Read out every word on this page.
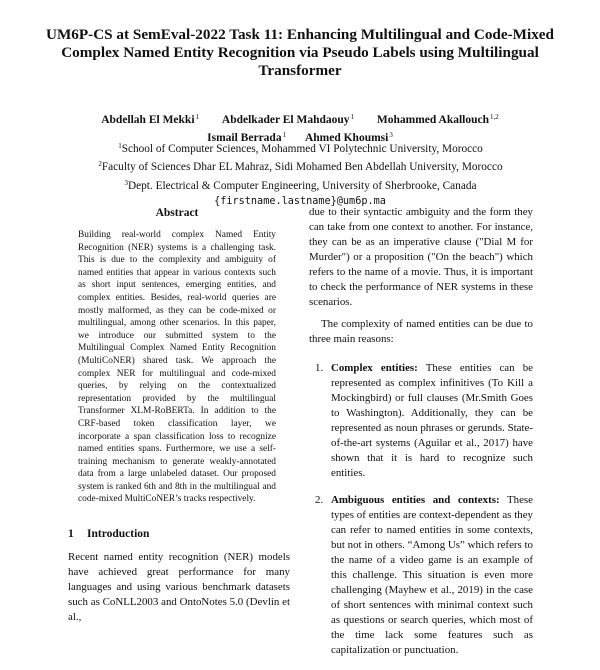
UM6P-CS at SemEval-2022 Task 11: Enhancing Multilingual and Code-Mixed Complex Named Entity Recognition via Pseudo Labels using Multilingual Transformer
Abdellah El Mekki$^1$ Abdelkader El Mahdaouy$^1$ Mohammed Akallouch$^{1,2}$
Ismail Berrada$^1$ Ahmed Khoumsi$^3$
$^1$School of Computer Sciences, Mohammed VI Polytechnic University, Morocco
$^2$Faculty of Sciences Dhar EL Mahraz, Sidi Mohamed Ben Abdellah University, Morocco
$^3$Dept. Electrical & Computer Engineering, University of Sherbrooke, Canada
{firstname.lastname}@um6p.ma
Abstract
Building real-world complex Named Entity Recognition (NER) systems is a challenging task. This is due to the complexity and ambiguity of named entities that appear in various contexts such as short input sentences, emerging entities, and complex entities. Besides, real-world queries are mostly malformed, as they can be code-mixed or multilingual, among other scenarios. In this paper, we introduce our submitted system to the Multilingual Complex Named Entity Recognition (MultiCoNER) shared task. We approach the complex NER for multilingual and code-mixed queries, by relying on the contextualized representation provided by the multilingual Transformer XLM-RoBERTa. In addition to the CRF-based token classification layer, we incorporate a span classification loss to recognize named entities spans. Furthermore, we use a self-training mechanism to generate weakly-annotated data from a large unlabeled dataset. Our proposed system is ranked 6th and 8th in the multilingual and code-mixed MultiCoNER’s tracks respectively.
1 Introduction
Recent named entity recognition (NER) models have achieved great performance for many languages and using various benchmark datasets such as CoNLL2003 and OntoNotes 5.0 (Devlin et al.,

due to their syntactic ambiguity and the form they can take from one context to another. For instance, they can be as an imperative clause ("Dial M for Murder") or a proposition ("On the beach") which refers to the name of a movie. Thus, it is important to check the performance of NER systems in these scenarios.

The complexity of named entities can be due to three main reasons:

1. Complex entities: These entities can be represented as complex infinitives (To Kill a Mockingbird) or full clauses (Mr.Smith Goes to Washington). Additionally, they can be represented as noun phrases or gerunds. State-of-the-art systems (Aguilar et al., 2017) have shown that it is hard to recognize such entities.
2. Ambiguous entities and contexts: These types of entities are context-dependent as they can refer to named entities in some contexts, but not in others. “Among Us” which refers to the name of a video game is an example of this challenge. This situation is even more challenging (Mayhew et al., 2019) in the case of short sentences with minimal context such as questions or search queries, which most of the time lack some features such as capitalization or punctuation.
